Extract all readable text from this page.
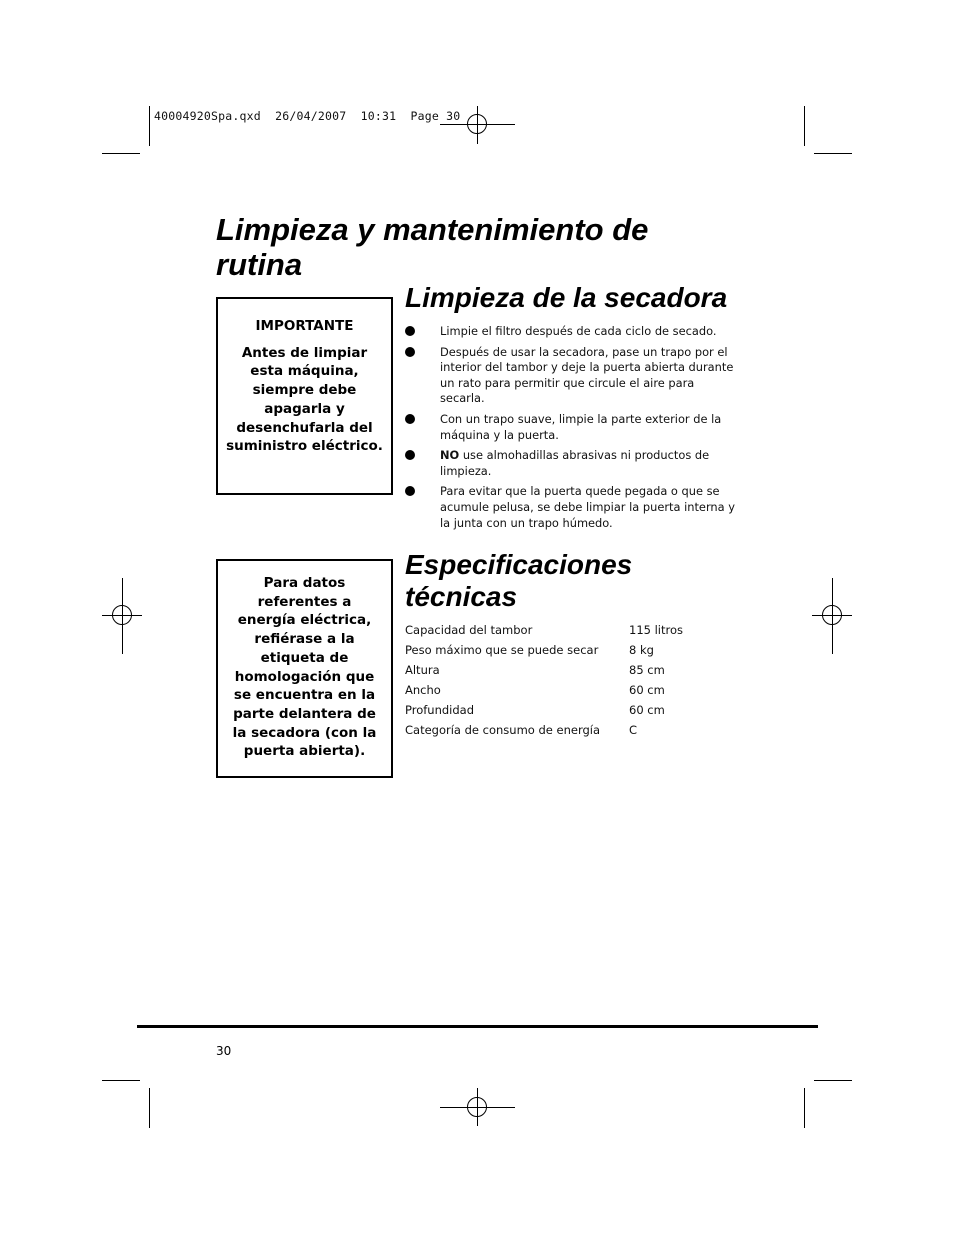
40004920Spa.qxd  26/04/2007  10:31  Page 30
Limpieza y mantenimiento de rutina

IMPORTANTE

Antes de limpiar esta máquina, siempre debe apagarla y desenchufarla del suministro eléctrico.

Para datos referentes a energía eléctrica, refiérase a la etiqueta de homologación que se encuentra en la parte delantera de la secadora (con la puerta abierta).

Limpieza de la secadora
Limpie el filtro después de cada ciclo de secado.
Después de usar la secadora, pase un trapo por el interior del tambor y deje la puerta abierta durante un rato para permitir que circule el aire para secarla.
Con un trapo suave, limpie la parte exterior de la máquina y la puerta.
NO use almohadillas abrasivas ni productos de limpieza.
Para evitar que la puerta quede pegada o que se acumule pelusa, se debe limpiar la puerta interna y la junta con un trapo húmedo.
Especificaciones técnicas
Capacidad del tambor	115 litros
Peso máximo que se puede secar	8 kg
Altura	85 cm
Ancho	60 cm
Profundidad	60 cm
Categoría de consumo de energía	C
30
